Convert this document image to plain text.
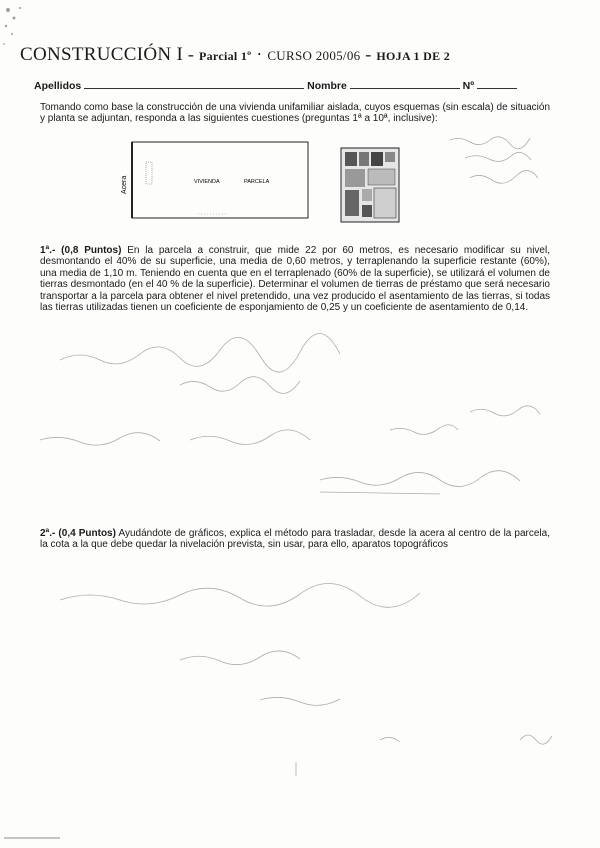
CONSTRUCCIÓN I - Parcial 1º · CURSO 2005/06 - HOJA 1 DE 2
Apellidos	Nombre	Nº
Tomando como base la construcción de una vivienda unifamiliar aislada, cuyos esquemas (sin escala) de situación y planta se adjuntan, responda a las siguientes cuestiones (preguntas 1ª a 10ª, inclusive):
Acera	VIVIENDA	PARCELA
1ª.- (0,8 Puntos) En la parcela a construir, que mide 22 por 60 metros, es necesario modificar su nivel, desmontando el 40% de su superficie, una media de 0,60 metros, y terraplenando la superficie restante (60%), una media de 1,10 m. Teniendo en cuenta que en el terraplenado (60% de la superficie), se utilizará el volumen de tierras desmontado (en el 40 % de la superficie). Determinar el volumen de tierras de préstamo que será necesario transportar a la parcela para obtener el nivel pretendido, una vez producido el asentamiento de las tierras, si todas las tierras utilizadas tienen un coeficiente de esponjamiento de 0,25 y un coeficiente de asentamiento de 0,14.
2ª.- (0,4 Puntos) Ayudándote de gráficos, explica el método para trasladar, desde la acera al centro de la parcela, la cota a la que debe quedar la nivelación prevista, sin usar, para ello, aparatos topográficos
